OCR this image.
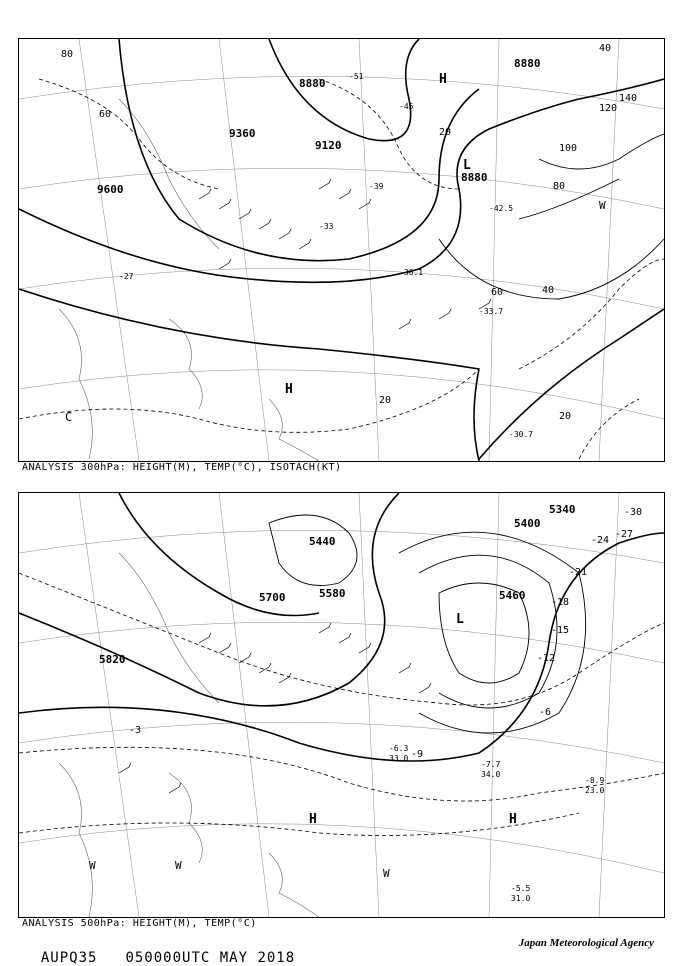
8880
8880
9120
9360
9600
8880
80
60
40
20
100
120
140
80
60	40
20
20
-33
-39
-45
-51
-27
-30.7
-33.7
-42.5
-36.1
H
L
H
C
W
ANALYSIS 300hPa: HEIGHT(M), TEMP(°C), ISOTACH(KT)
5340
5460
5580
5700
5820
5440
5400
-30
-27
-24
-21
-18
-15
-12
-9
-6
-3
-7.7
34.0
-5.5
31.0
-8.9
23.0
-6.3
33.0
H	H
L
W	W
W
ANALYSIS 500hPa: HEIGHT(M), TEMP(°C)

AUPQ35 050000UTC MAY 2018

Japan Meteorological Agency
